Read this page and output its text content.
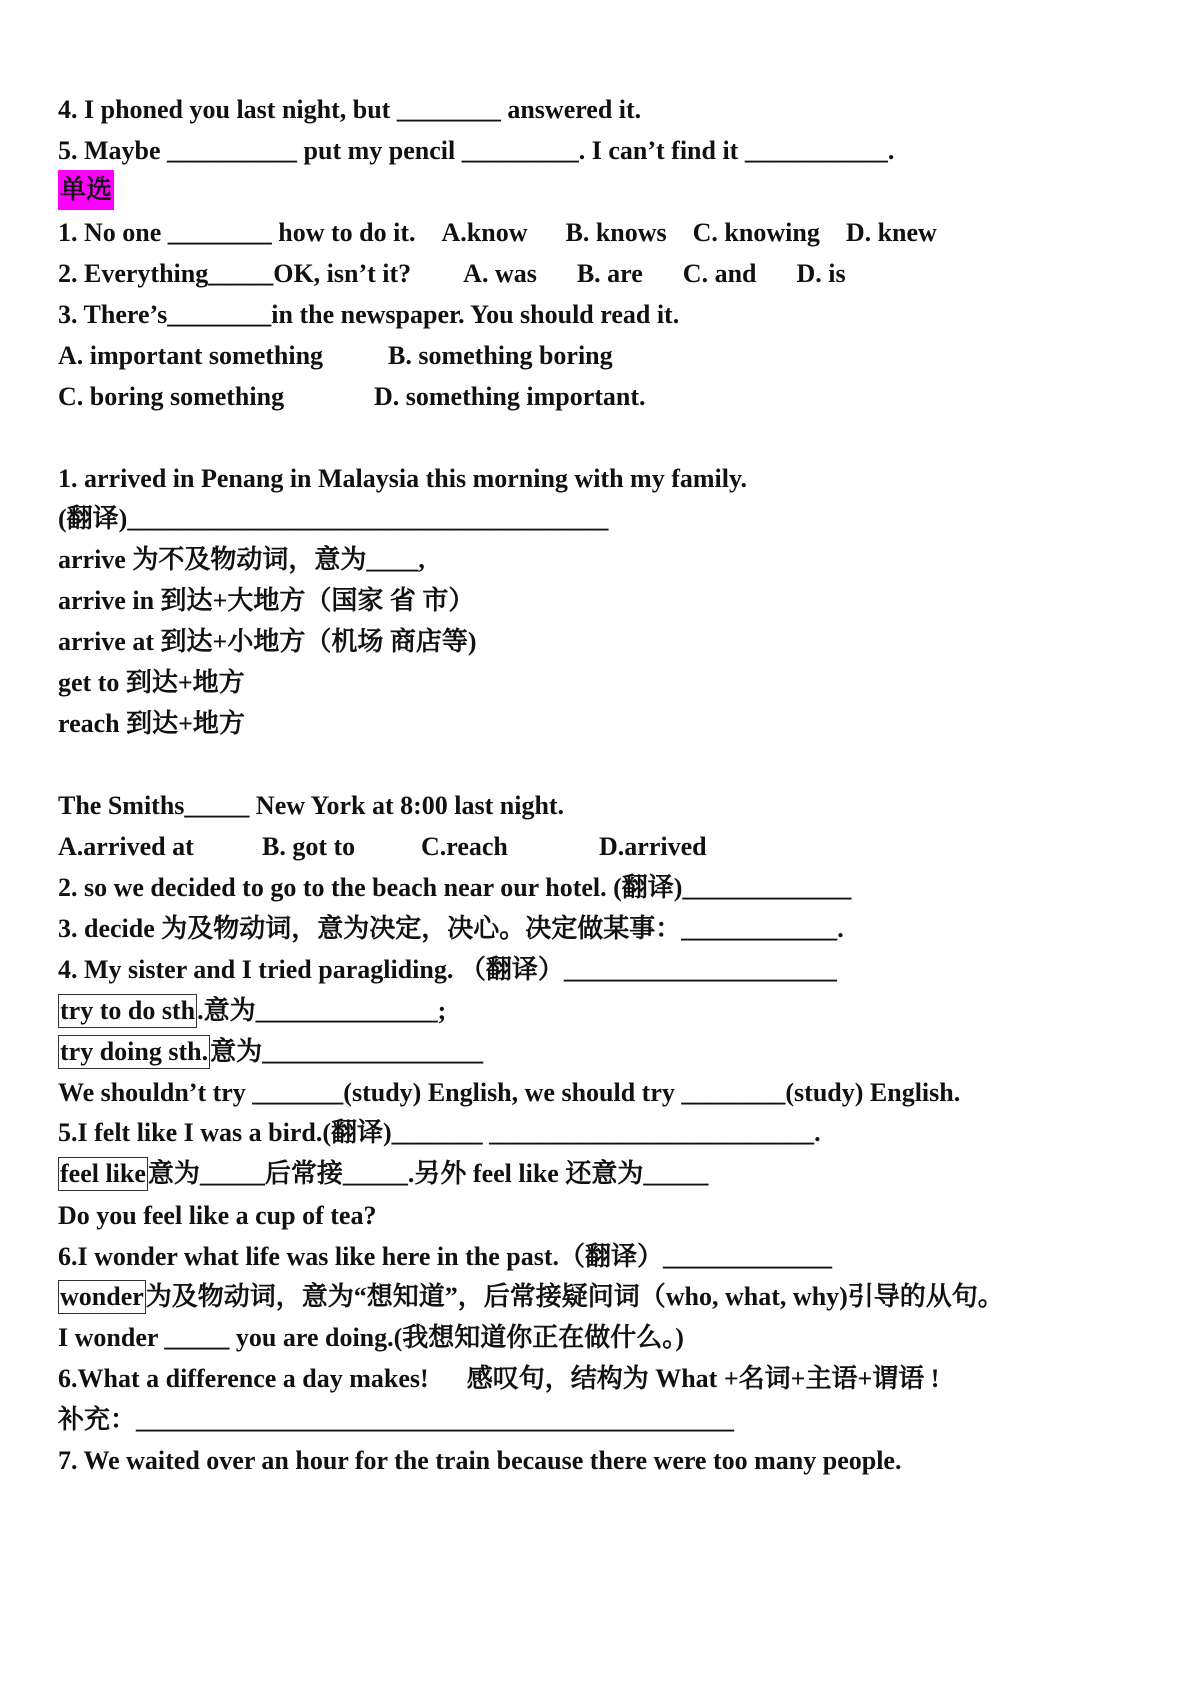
4. I phoned you last night, but ________ answered it.
5. Maybe __________ put my pencil _________. I can’t find it ___________.
单选
1. No one ________ how to do it. A.know B. knows C. knowing D. knew
2. Everything_____OK, isn’t it? A. was B. are C. and D. is
3. There’s________in the newspaper. You should read it.
A. important something B. something boring
C. boring something	D. something important.
1. arrived in Penang in Malaysia this morning with my family.
(翻译)_____________________________________
arrive 为不及物动词，意为____,
arrive in 到达+大地方（国家 省 市）
arrive at 到达+小地方（机场 商店等)
get to 到达+地方
reach 到达+地方
The Smiths_____ New York at 8:00 last night.
A.arrived at	B. got to	C.reach	D.arrived
2. so we decided to go to the beach near our hotel. (翻译)_____________
3. decide 为及物动词，意为决定，决心。决定做某事：____________.
4. My sister and I tried paragliding. （翻译）_____________________
try to do sth.意为______________;
try doing sth.意为_________________
We shouldn’t try _______(study) English, we should try ________(study) English.
5.I felt like I was a bird.(翻译)_______ _________________________.
feel like意为_____后常接_____.另外 feel like 还意为_____
Do you feel like a cup of tea?
6.I wonder what life was like here in the past.（翻译）_____________
wonder为及物动词，意为“想知道”，后常接疑问词（who, what, why)引导的从句。
I wonder _____ you are doing.(我想知道你正在做什么。)
6.What a difference a day makes! 感叹句，结构为 What +名词+主语+谓语 !
补充：______________________________________________
7. We waited over an hour for the train because there were too many people.
